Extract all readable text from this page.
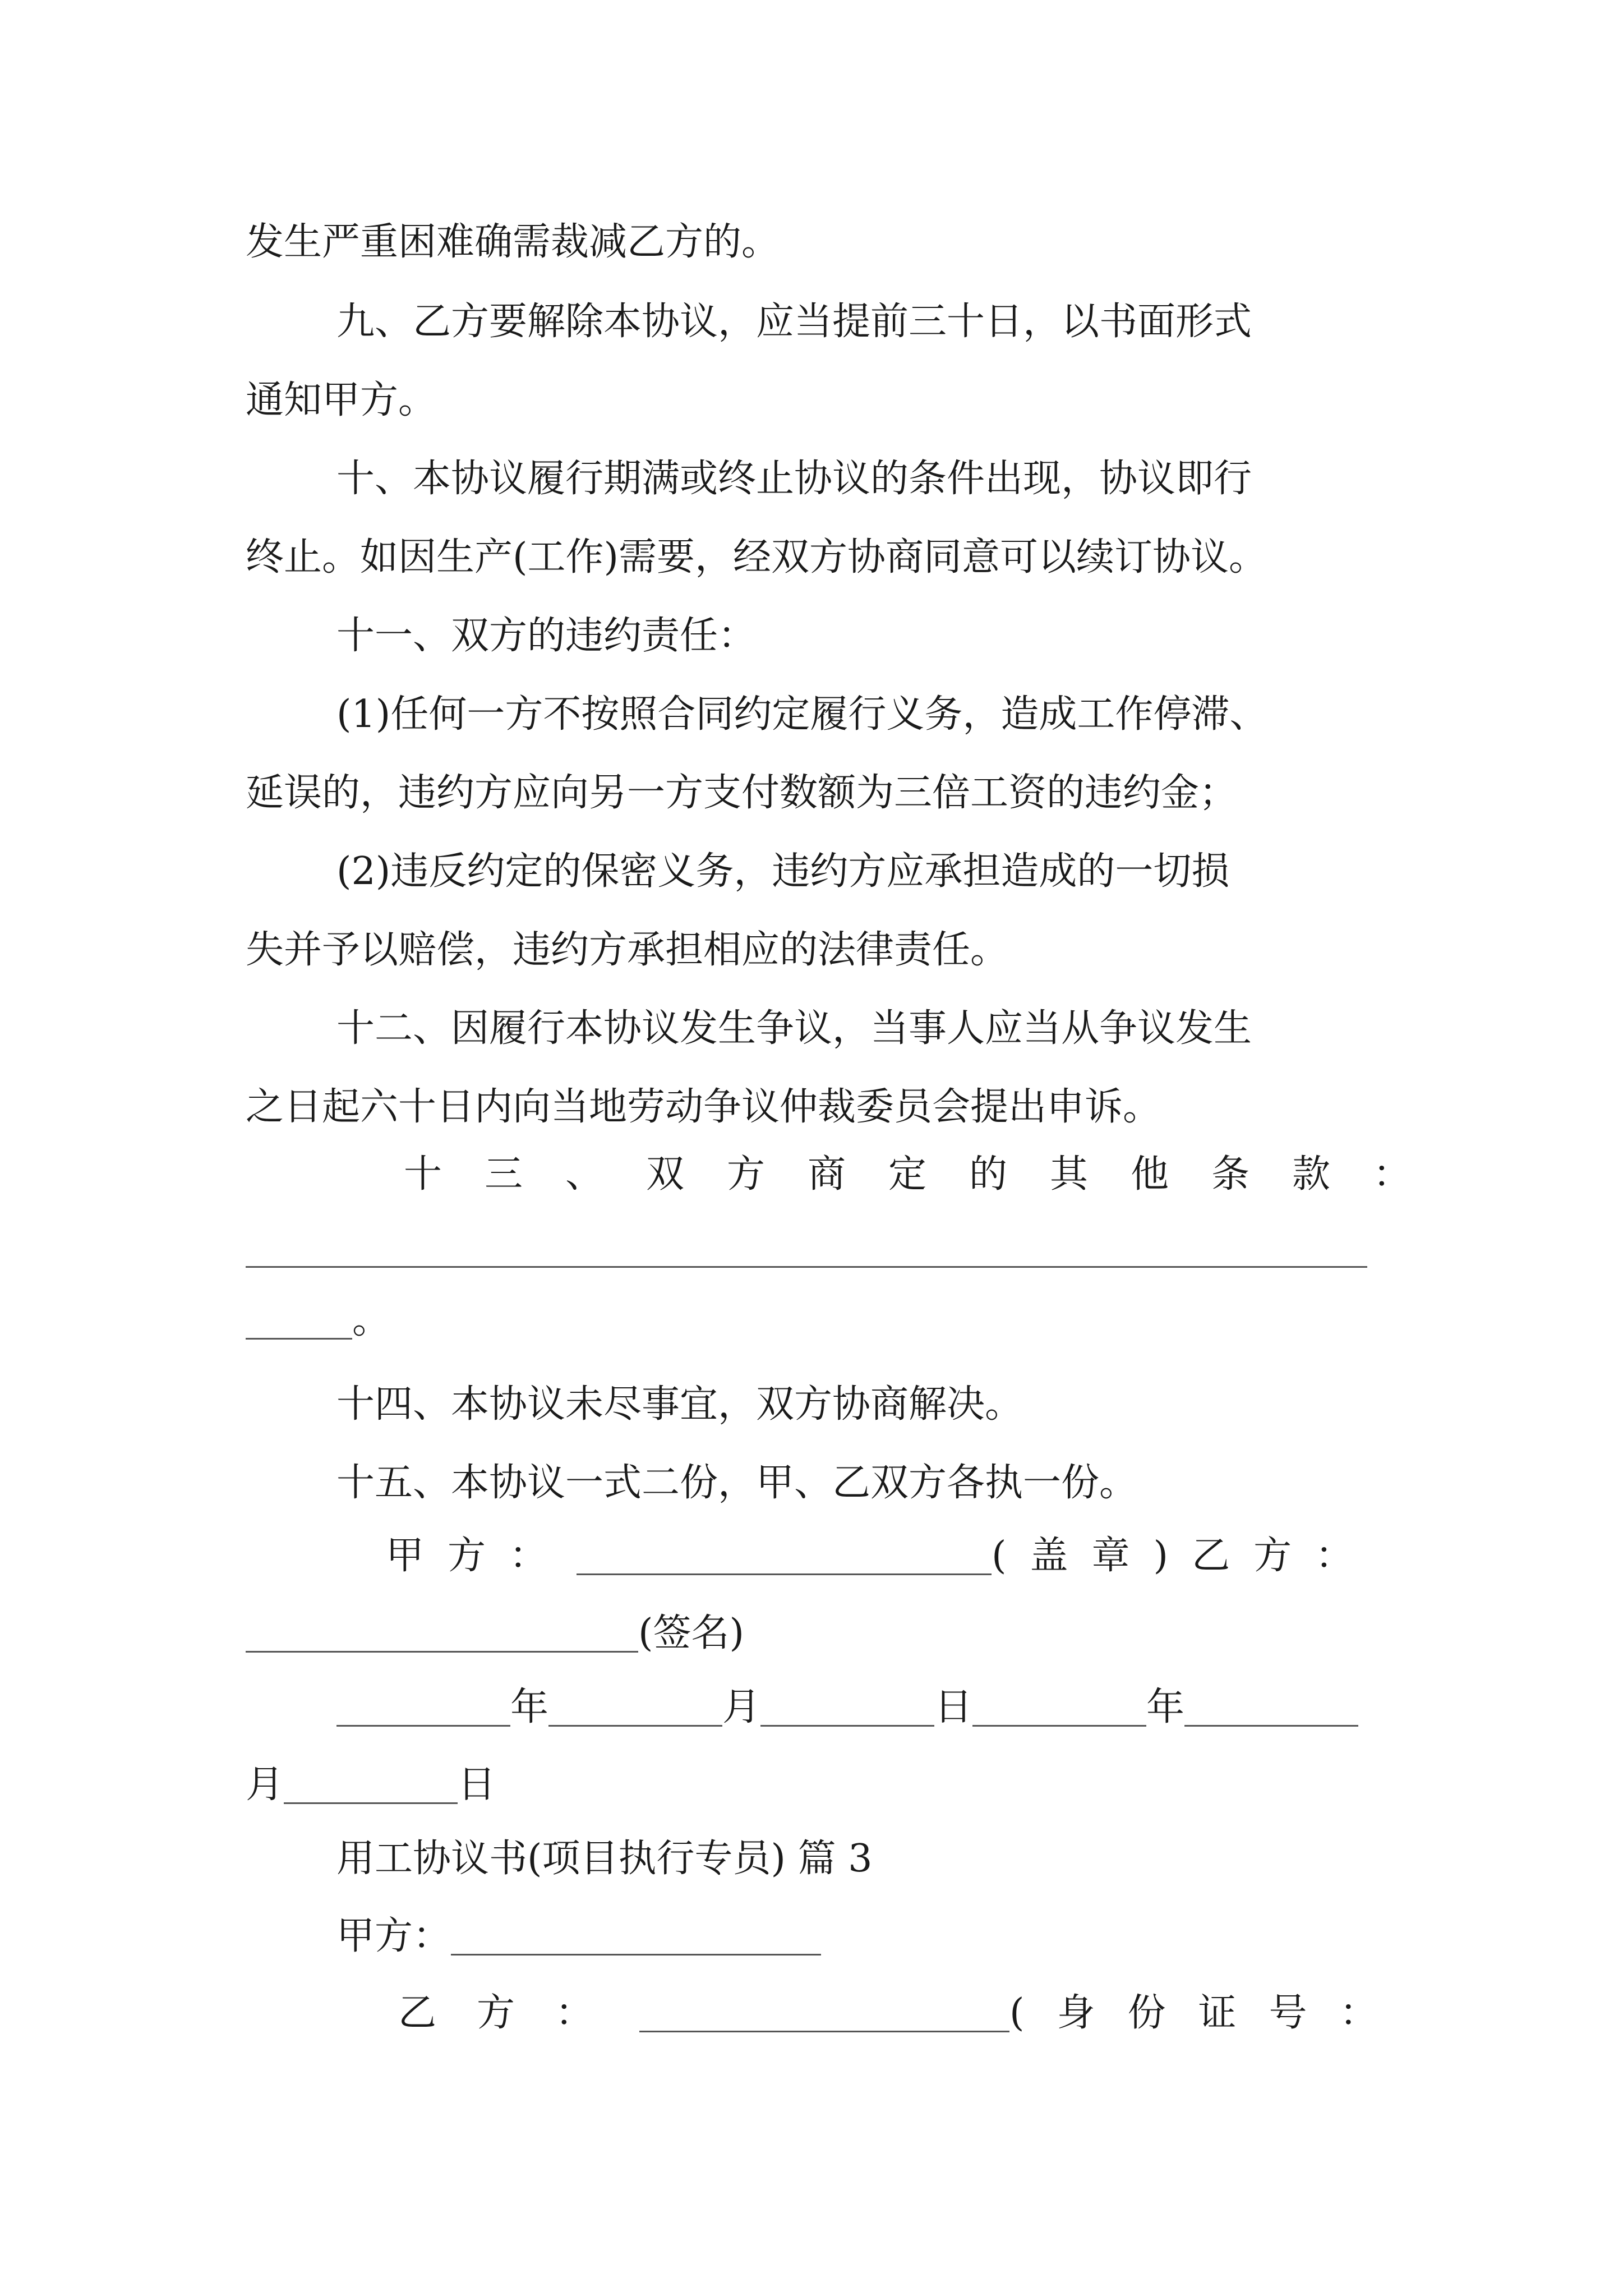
发生严重困难确需裁减乙方的。
九、乙方要解除本协议，应当提前三十日，以书面形式
通知甲方。
十、本协议履行期满或终止协议的条件出现，协议即行
终止。如因生产(工作)需要，经双方协商同意可以续订协议。
十一、双方的违约责任：
(1)任何一方不按照合同约定履行义务，造成工作停滞、
延误的，违约方应向另一方支付数额为三倍工资的违约金；
(2)违反约定的保密义务，违约方应承担造成的一切损
失并予以赔偿，违约方承担相应的法律责任。
十二、因履行本协议发生争议，当事人应当从争议发生
之日起六十日内向当地劳动争议仲裁委员会提出申诉。
十三、双方商定的其他条款：
。
十四、本协议未尽事宜，双方协商解决。
十五、本协议一式二份，甲、乙双方各执一份。
甲方：	(盖章)乙方：
(签名)
年	月	日	年
月	日
用工协议书(项目执行专员) 篇 3
甲方：
乙方：	(身份证号：
